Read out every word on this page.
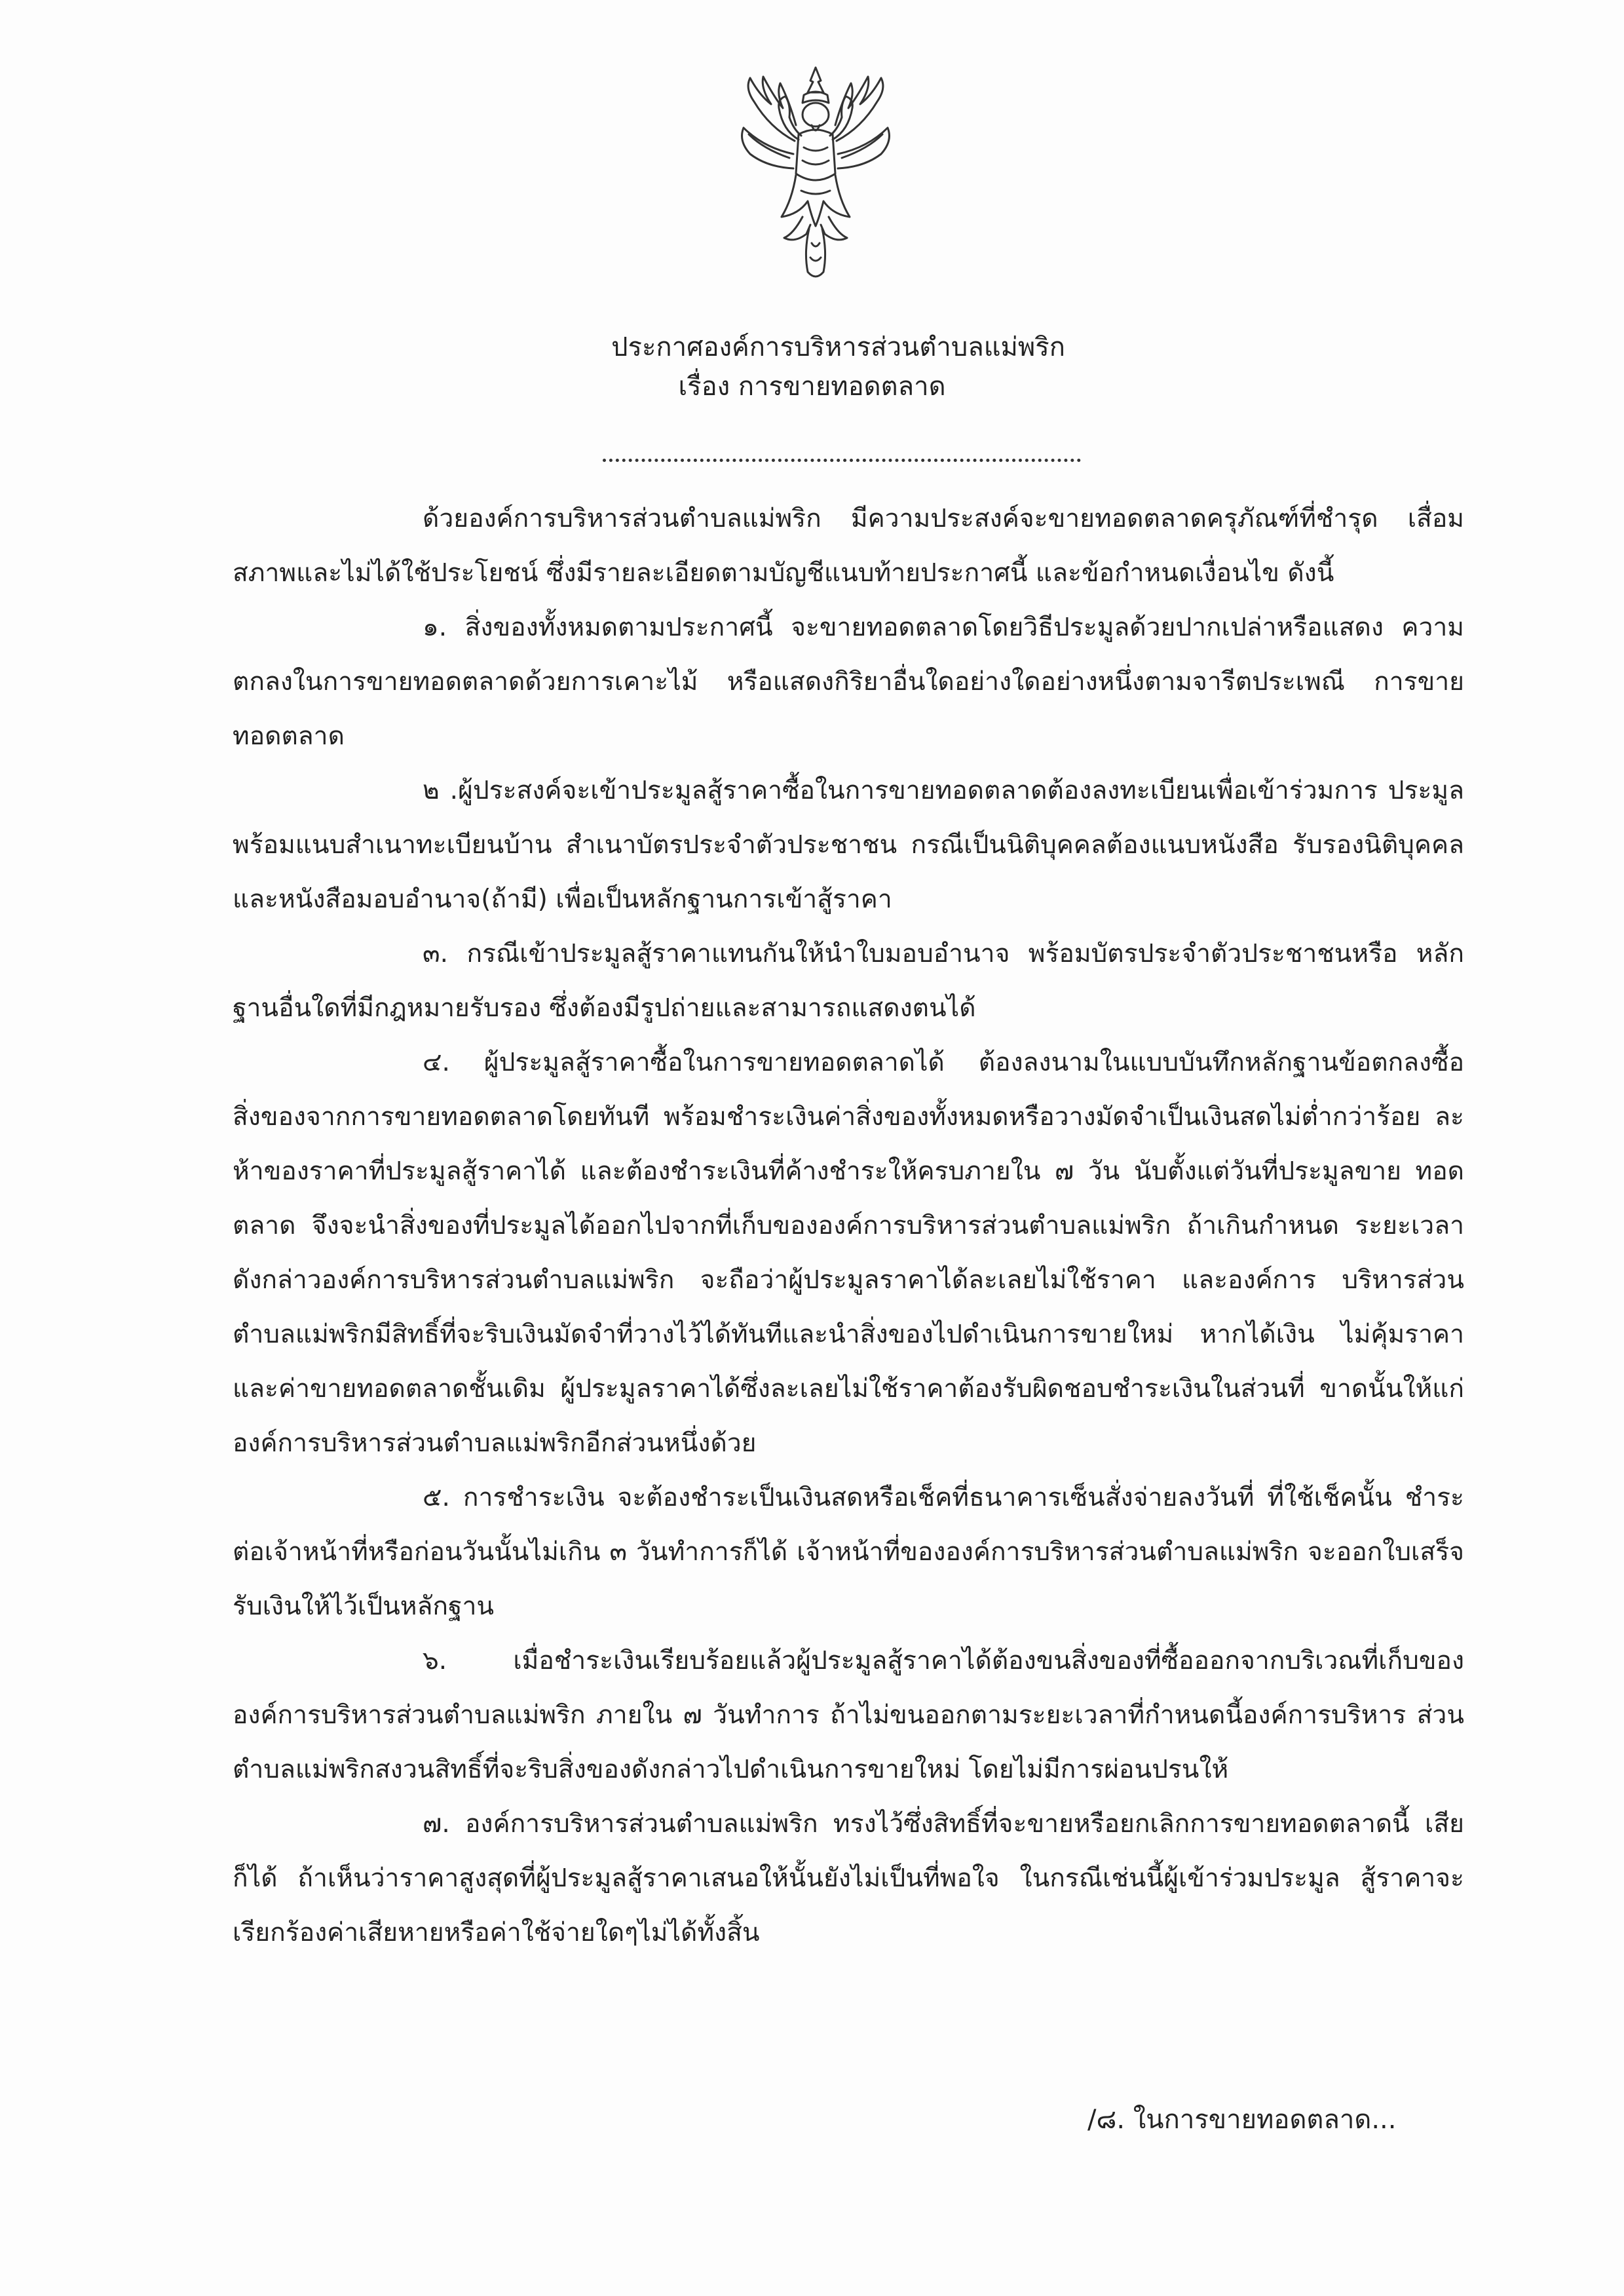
ประกาศองค์การบริหารส่วนตำบลแม่พริก
เรื่อง การขายทอดตลาด

ด้วยองค์การบริหารส่วนตำบลแม่พริก มีความประสงค์จะขายทอดตลาดครุภัณฑ์ที่ชำรุด เสื่อมสภาพและไม่ได้ใช้ประโยชน์ ซึ่งมีรายละเอียดตามบัญชีแนบท้ายประกาศนี้ และข้อกำหนดเงื่อนไข ดังนี้

๑. สิ่งของทั้งหมดตามประกาศนี้ จะขายทอดตลาดโดยวิธีประมูลด้วยปากเปล่าหรือแสดง ความตกลงในการขายทอดตลาดด้วยการเคาะไม้ หรือแสดงกิริยาอื่นใดอย่างใดอย่างหนึ่งตามจารีตประเพณี การขายทอดตลาด

๒ .ผู้ประสงค์จะเข้าประมูลสู้ราคาซื้อในการขายทอดตลาดต้องลงทะเบียนเพื่อเข้าร่วมการ ประมูล พร้อมแนบสำเนาทะเบียนบ้าน สำเนาบัตรประจำตัวประชาชน กรณีเป็นนิติบุคคลต้องแนบหนังสือ รับรองนิติบุคคลและหนังสือมอบอำนาจ(ถ้ามี) เพื่อเป็นหลักฐานการเข้าสู้ราคา

๓. กรณีเข้าประมูลสู้ราคาแทนกันให้นำใบมอบอำนาจ พร้อมบัตรประจำตัวประชาชนหรือ หลักฐานอื่นใดที่มีกฎหมายรับรอง ซึ่งต้องมีรูปถ่ายและสามารถแสดงตนได้

๔. ผู้ประมูลสู้ราคาซื้อในการขายทอดตลาดได้ ต้องลงนามในแบบบันทึกหลักฐานข้อตกลงซื้อ สิ่งของจากการขายทอดตลาดโดยทันที พร้อมชำระเงินค่าสิ่งของทั้งหมดหรือวางมัดจำเป็นเงินสดไม่ต่ำกว่าร้อย ละห้าของราคาที่ประมูลสู้ราคาได้ และต้องชำระเงินที่ค้างชำระให้ครบภายใน ๗ วัน นับตั้งแต่วันที่ประมูลขาย ทอดตลาด จึงจะนำสิ่งของที่ประมูลได้ออกไปจากที่เก็บขององค์การบริหารส่วนตำบลแม่พริก ถ้าเกินกำหนด ระยะเวลาดังกล่าวองค์การบริหารส่วนตำบลแม่พริก จะถือว่าผู้ประมูลราคาได้ละเลยไม่ใช้ราคา และองค์การ บริหารส่วนตำบลแม่พริกมีสิทธิ์ที่จะริบเงินมัดจำที่วางไว้ได้ทันทีและนำสิ่งของไปดำเนินการขายใหม่ หากได้เงิน ไม่คุ้มราคาและค่าขายทอดตลาดชั้นเดิม ผู้ประมูลราคาได้ซึ่งละเลยไม่ใช้ราคาต้องรับผิดชอบชำระเงินในส่วนที่ ขาดนั้นให้แก่องค์การบริหารส่วนตำบลแม่พริกอีกส่วนหนึ่งด้วย

๕. การชำระเงิน จะต้องชำระเป็นเงินสดหรือเช็คที่ธนาคารเซ็นสั่งจ่ายลงวันที่ ที่ใช้เช็คนั้น ชำระต่อเจ้าหน้าที่หรือก่อนวันนั้นไม่เกิน ๓ วันทำการก็ได้ เจ้าหน้าที่ขององค์การบริหารส่วนตำบลแม่พริก จะออกใบเสร็จรับเงินให้ไว้เป็นหลักฐาน

๖. เมื่อชำระเงินเรียบร้อยแล้วผู้ประมูลสู้ราคาได้ต้องขนสิ่งของที่ซื้อออกจากบริเวณที่เก็บของ องค์การบริหารส่วนตำบลแม่พริก ภายใน ๗ วันทำการ ถ้าไม่ขนออกตามระยะเวลาที่กำหนดนี้องค์การบริหาร ส่วนตำบลแม่พริกสงวนสิทธิ์ที่จะริบสิ่งของดังกล่าวไปดำเนินการขายใหม่ โดยไม่มีการผ่อนปรนให้

๗. องค์การบริหารส่วนตำบลแม่พริก ทรงไว้ซึ่งสิทธิ์ที่จะขายหรือยกเลิกการขายทอดตลาดนี้ เสียก็ได้ ถ้าเห็นว่าราคาสูงสุดที่ผู้ประมูลสู้ราคาเสนอให้นั้นยังไม่เป็นที่พอใจ ในกรณีเช่นนี้ผู้เข้าร่วมประมูล สู้ราคาจะเรียกร้องค่าเสียหายหรือค่าใช้จ่ายใดๆไม่ได้ทั้งสิ้น

/๘. ในการขายทอดตลาด...
